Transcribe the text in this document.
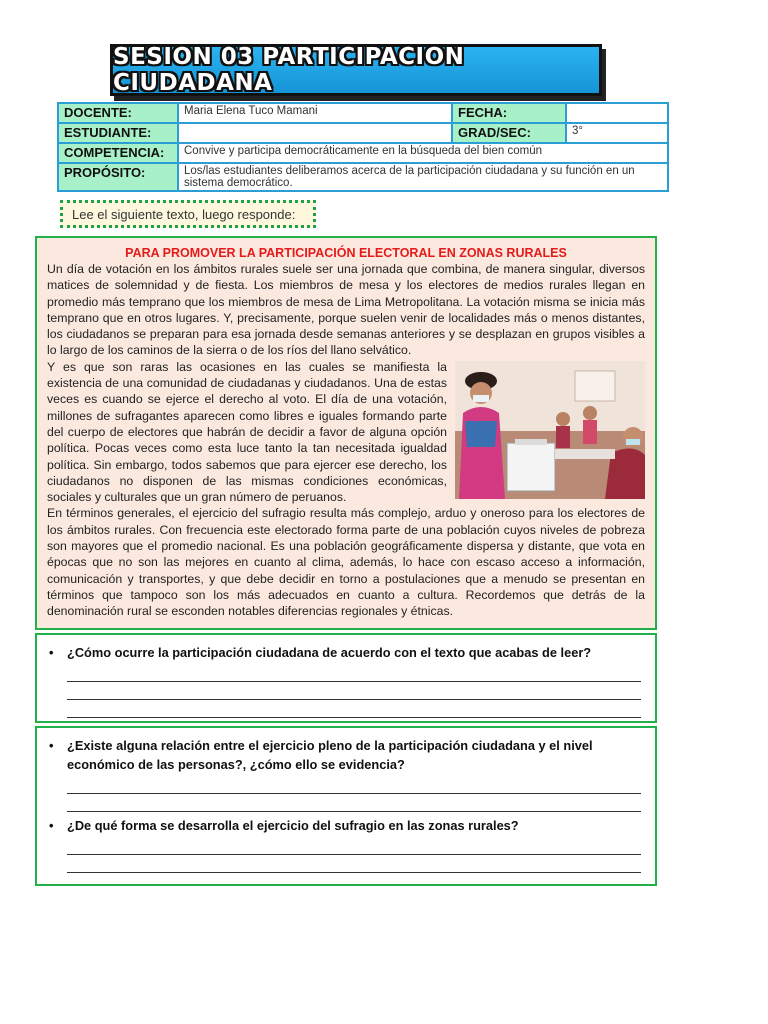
SESION 03 PARTICIPACION CIUDADANA
DOCENTE:	Maria Elena Tuco Mamani	FECHA:	
ESTUDIANTE:		GRAD/SEC:	3°
COMPETENCIA:	Convive y participa democráticamente en la búsqueda del bien común		
PROPÓSITO:	Los/las estudiantes deliberamos acerca de la participación ciudadana y su función en un sistema democrático.		
Lee el siguiente texto, luego responde:
PARA PROMOVER LA PARTICIPACIÓN ELECTORAL EN ZONAS RURALES

Un día de votación en los ámbitos rurales suele ser una jornada que combina, de manera singular, diversos matices de solemnidad y de fiesta. Los miembros de mesa y los electores de medios rurales llegan en promedio más temprano que los miembros de mesa de Lima Metropolitana. La votación misma se inicia más temprano que en otros lugares. Y, precisamente, porque suelen venir de localidades más o menos distantes, los ciudadanos se preparan para esa jornada desde semanas anteriores y se desplazan en grupos visibles a lo largo de los caminos de la sierra o de los ríos del llano selvático.

Y es que son raras las ocasiones en las cuales se manifiesta la existencia de una comunidad de ciudadanas y ciudadanos. Una de estas veces es cuando se ejerce el derecho al voto. El día de una votación, millones de sufragantes aparecen como libres e iguales formando parte del cuerpo de electores que habrán de decidir a favor de alguna opción política. Pocas veces como esta luce tanto la tan necesitada igualdad política. Sin embargo, todos sabemos que para ejercer ese derecho, los ciudadanos no disponen de las mismas condiciones económicas, sociales y culturales que un gran número de peruanos.

En términos generales, el ejercicio del sufragio resulta más complejo, arduo y oneroso para los electores de los ámbitos rurales. Con frecuencia este electorado forma parte de una población cuyos niveles de pobreza son mayores que el promedio nacional. Es una población geográficamente dispersa y distante, que vota en épocas que no son las mejores en cuanto al clima, además, lo hace con escaso acceso a información, comunicación y transportes, y que debe decidir en torno a postulaciones que a menudo se presentan en términos que tampoco son los más adecuados en cuanto a cultura. Recordemos que detrás de la denominación rural se esconden notables diferencias regionales y étnicas.

• ¿Cómo ocurre la participación ciudadana de acuerdo con el texto que acabas de leer?
• ¿Existe alguna relación entre el ejercicio pleno de la participación ciudadana y el nivel económico de las personas?, ¿cómo ello se evidencia?
• ¿De qué forma se desarrolla el ejercicio del sufragio en las zonas rurales?
